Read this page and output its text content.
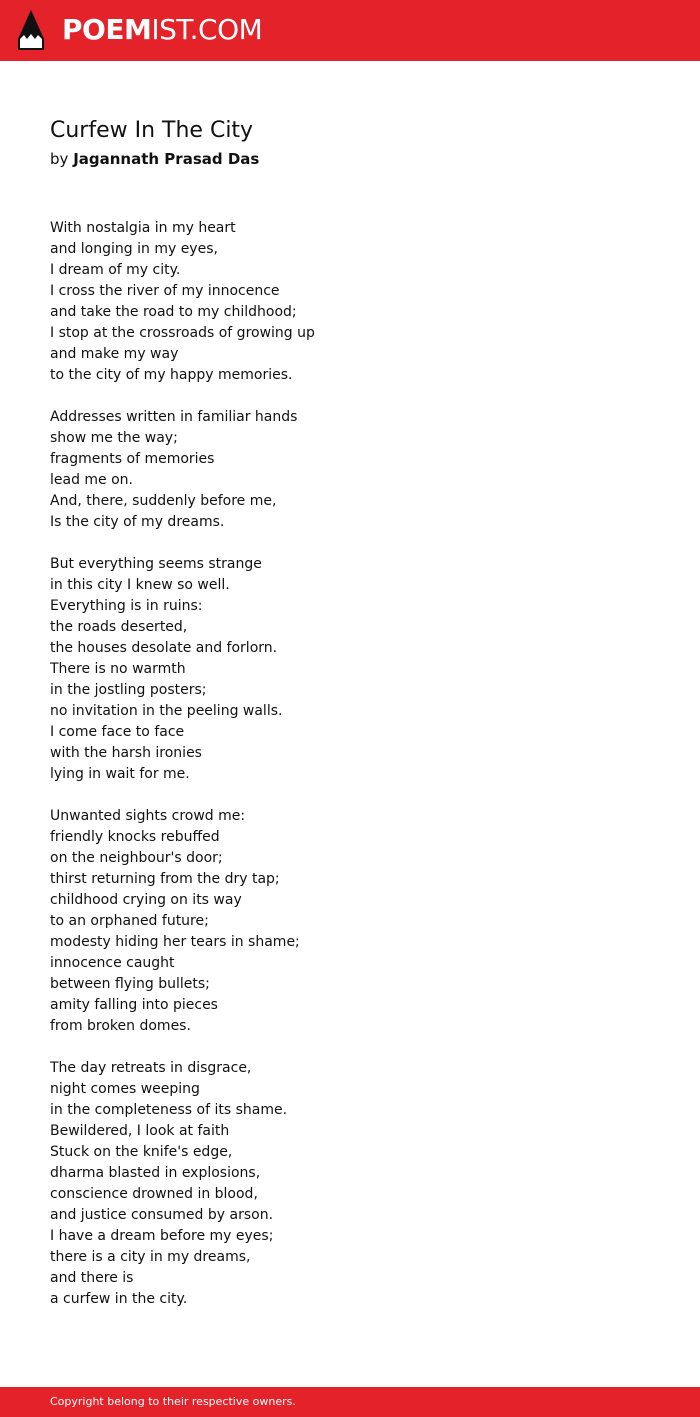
POEMIST.COM
Curfew In The City
by Jagannath Prasad Das
With nostalgia in my heart
and longing in my eyes,
I dream of my city.
I cross the river of my innocence
and take the road to my childhood;
I stop at the crossroads of growing up
and make my way
to the city of my happy memories.
Addresses written in familiar hands
show me the way;
fragments of memories
lead me on.
And, there, suddenly before me,
Is the city of my dreams.
But everything seems strange
in this city I knew so well.
Everything is in ruins:
the roads deserted,
the houses desolate and forlorn.
There is no warmth
in the jostling posters;
no invitation in the peeling walls.
I come face to face
with the harsh ironies
lying in wait for me.
Unwanted sights crowd me:
friendly knocks rebuffed
on the neighbour's door;
thirst returning from the dry tap;
childhood crying on its way
to an orphaned future;
modesty hiding her tears in shame;
innocence caught
between flying bullets;
amity falling into pieces
from broken domes.
The day retreats in disgrace,
night comes weeping
in the completeness of its shame.
Bewildered, I look at faith
Stuck on the knife's edge,
dharma blasted in explosions,
conscience drowned in blood,
and justice consumed by arson.
I have a dream before my eyes;
there is a city in my dreams,
and there is
a curfew in the city.
Copyright belong to their respective owners.
